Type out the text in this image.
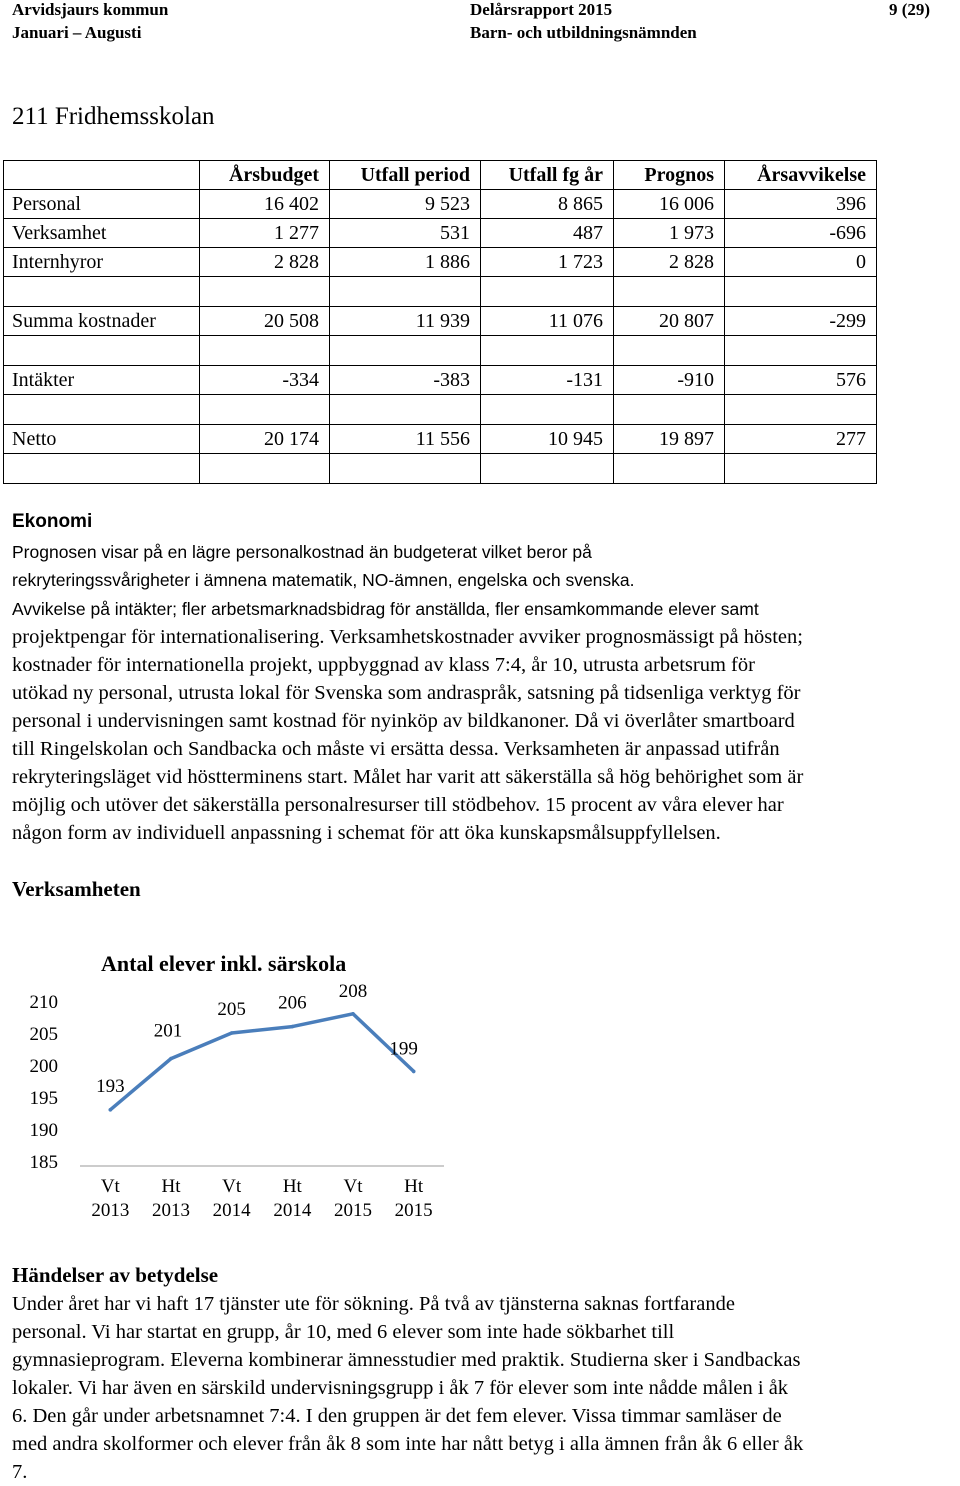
Arvidsjaurs kommun
Januari – Augusti
Delårsrapport 2015
Barn- och utbildningsnämnden
9 (29)
211 Fridhemsskolan
	Årsbudget	Utfall period	Utfall fg år	Prognos	Årsavvikelse
Personal	16 402	9 523	8 865	16 006	396
Verksamhet	1 277	531	487	1 973	-696
Internhyror	2 828	1 886	1 723	2 828	0

Summa kostnader	20 508	11 939	11 076	20 807	-299

Intäkter	-334	-383	-131	-910	576

Netto	20 174	11 556	10 945	19 897	277

Ekonomi
Prognosen visar på en lägre personalkostnad än budgeterat vilket beror på
rekryteringssvårigheter i ämnena matematik, NO-ämnen, engelska och svenska.
Avvikelse på intäkter; fler arbetsmarknadsbidrag för anställda, fler ensamkommande elever samt
projektpengar för internationalisering. Verksamhetskostnader avviker prognosmässigt på hösten;
kostnader för internationella projekt, uppbyggnad av klass 7:4, år 10, utrusta arbetsrum för
utökad ny personal, utrusta lokal för Svenska som andraspråk, satsning på tidsenliga verktyg för
personal i undervisningen samt kostnad för nyinköp av bildkanoner. Då vi överlåter smartboard
till Ringelskolan och Sandbacka och måste vi ersätta dessa. Verksamheten är anpassad utifrån
rekryteringsläget vid höstterminens start. Målet har varit att säkerställa så hög behörighet som är
möjlig och utöver det säkerställa personalresurser till stödbehov. 15 procent av våra elever har
någon form av individuell anpassning i schemat för att öka kunskapsmålsuppfyllelsen.
Verksamheten
Antal elever inkl. särskola
185
190
195
200
205
210
Vt
2013
Ht
2013
Vt
2014
Ht
2014
Vt
2015
Ht
2015
193
201
205 206
208
199
Händelser av betydelse
Under året har vi haft 17 tjänster ute för sökning. På två av tjänsterna saknas fortfarande
personal. Vi har startat en grupp, år 10, med 6 elever som inte hade sökbarhet till
gymnasieprogram. Eleverna kombinerar ämnesstudier med praktik. Studierna sker i Sandbackas
lokaler. Vi har även en särskild undervisningsgrupp i åk 7 för elever som inte nådde målen i åk
6. Den går under arbetsnamnet 7:4. I den gruppen är det fem elever. Vissa timmar samläser de
med andra skolformer och elever från åk 8 som inte har nått betyg i alla ämnen från åk 6 eller åk
7.
